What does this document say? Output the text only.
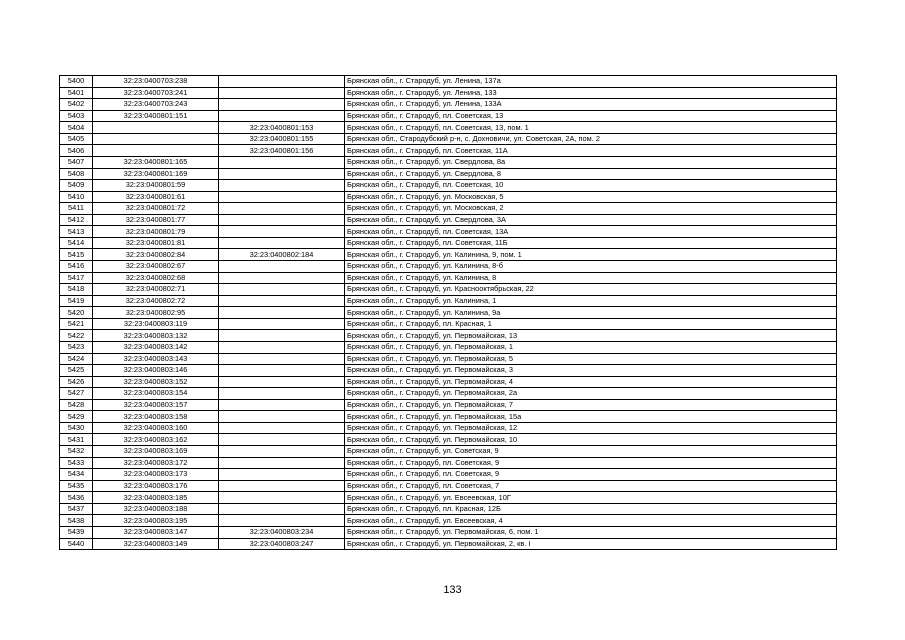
5400	32:23:0400703:238		Брянская обл., г. Стародуб, ул. Ленина, 137а
5401	32:23:0400703:241		Брянская обл., г. Стародуб, ул. Ленина, 133
5402	32:23:0400703:243		Брянская обл., г. Стародуб, ул. Ленина, 133А
5403	32:23:0400801:151		Брянская обл., г. Стародуб, пл. Советская, 13
5404		32:23:0400801:153	Брянская обл., г. Стародуб, пл. Советская, 13, пом. 1
5405		32:23:0400801:155	Брянская обл., Стародубский р-н, с. Дохновичи, ул. Советская, 2А, пом. 2
5406		32:23:0400801:156	Брянская обл., г. Стародуб, пл. Советская, 11А
5407	32:23:0400801:165		Брянская обл., г. Стародуб, ул. Свердлова, 8а
5408	32:23:0400801:169		Брянская обл., г. Стародуб, ул. Свердлова, 8
5409	32:23:0400801:59		Брянская обл., г. Стародуб, пл. Советская, 10
5410	32:23:0400801:61		Брянская обл., г. Стародуб, ул. Московская, 5
5411	32:23:0400801:72		Брянская обл., г. Стародуб, ул. Московская, 2
5412	32:23:0400801:77		Брянская обл., г. Стародуб, ул. Свердлова, 3А
5413	32:23:0400801:79		Брянская обл., г. Стародуб, пл. Советская, 13А
5414	32:23:0400801:81		Брянская обл., г. Стародуб, пл. Советская, 11Б
5415	32:23:0400802:84	32:23:0400802:184	Брянская обл., г. Стародуб, ул. Калинина, 9, пом. 1
5416	32:23:0400802:67		Брянская обл., г. Стародуб, ул. Калинина, 8-б
5417	32:23:0400802:68		Брянская обл., г. Стародуб, ул. Калинина, 8
5418	32:23:0400802:71		Брянская обл., г. Стародуб, ул. Красноoктябрьская, 22
5419	32:23:0400802:72		Брянская обл., г. Стародуб, ул. Калинина, 1
5420	32:23:0400802:95		Брянская обл., г. Стародуб, ул. Калинина, 9а
5421	32:23:0400803:119		Брянская обл., г. Стародуб, пл. Красная, 1
5422	32:23:0400803:132		Брянская обл., г. Стародуб, ул. Первомайская, 13
5423	32:23:0400803:142		Брянская обл., г. Стародуб, ул. Первомайская, 1
5424	32:23:0400803:143		Брянская обл., г. Стародуб, ул. Первомайская, 5
5425	32:23:0400803:146		Брянская обл., г. Стародуб, ул. Первомайская, 3
5426	32:23:0400803:152		Брянская обл., г. Стародуб, ул. Первомайская, 4
5427	32:23:0400803:154		Брянская обл., г. Стародуб, ул. Первомайская, 2а
5428	32:23:0400803:157		Брянская обл., г. Стародуб, ул. Первомайская, 7
5429	32:23:0400803:158		Брянская обл., г. Стародуб, ул. Первомайская, 15а
5430	32:23:0400803:160		Брянская обл., г. Стародуб, ул. Первомайская, 12
5431	32:23:0400803:162		Брянская обл., г. Стародуб, ул. Первомайская, 10
5432	32:23:0400803:169		Брянская обл., г. Стародуб, ул. Советская, 9
5433	32:23:0400803:172		Брянская обл., г. Стародуб, пл. Советская, 9
5434	32:23:0400803:173		Брянская обл., г. Стародуб, пл. Советская, 9
5435	32:23:0400803:176		Брянская обл., г. Стародуб, пл. Советская, 7
5436	32:23:0400803:185		Брянская обл., г. Стародуб, ул. Евсеевская, 10Г
5437	32:23:0400803:188		Брянская обл., г. Стародуб, пл. Красная, 12Б
5438	32:23:0400803:195		Брянская обл., г. Стародуб, ул. Евсеевская, 4
5439	32:23:0400803:147	32:23:0400803:234	Брянская обл., г. Стародуб, ул. Первомайская, 6, пом. 1
5440	32:23:0400803:149	32:23:0400803:247	Брянская обл., г. Стародуб, ул. Первомайская, 2, кв. I
133
